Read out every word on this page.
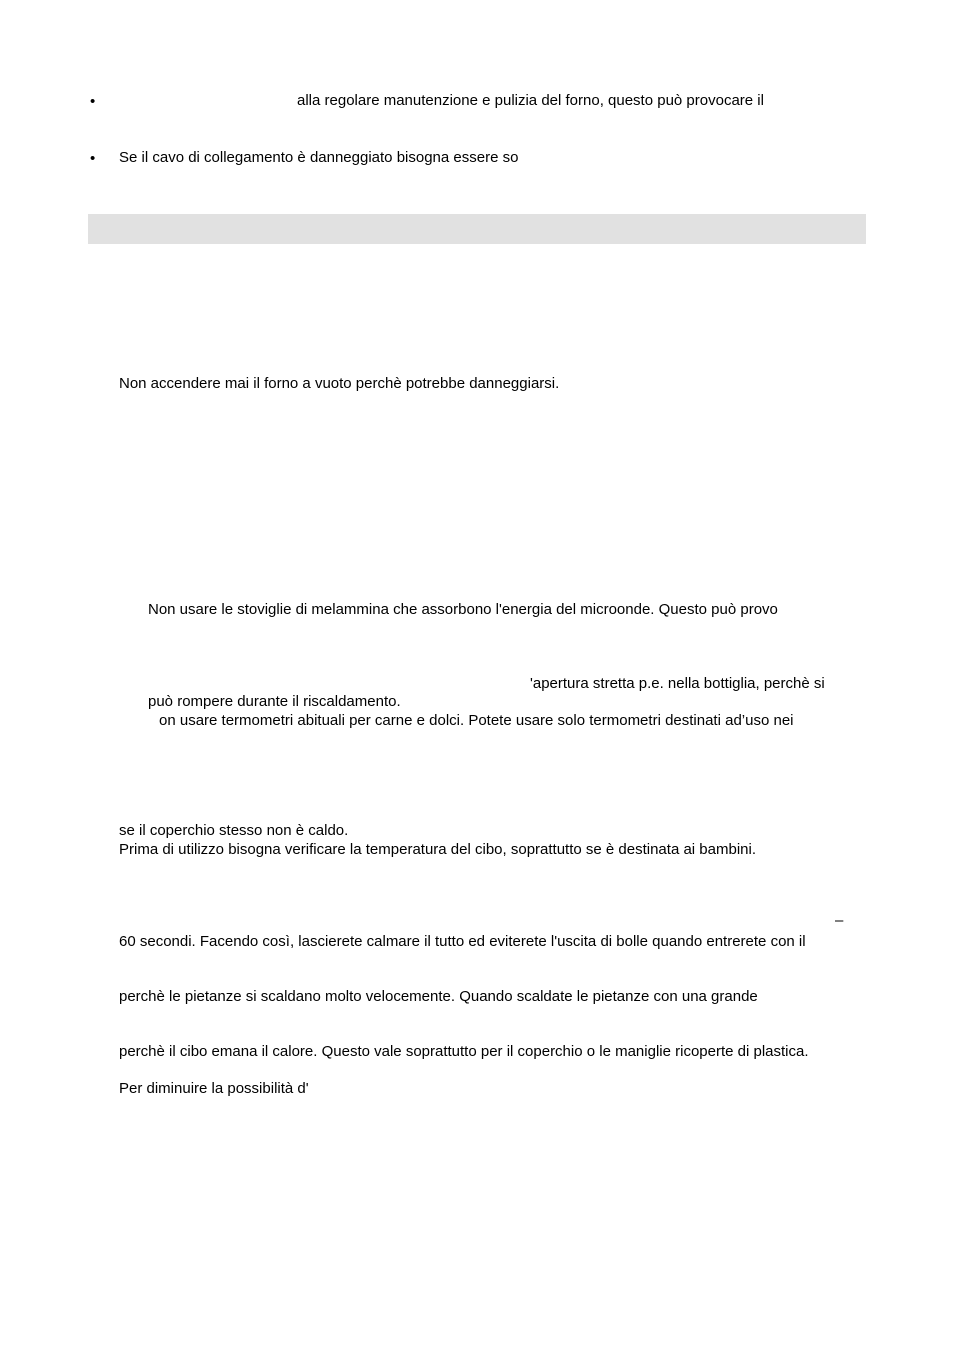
•	alla regolare manutenzione e pulizia del forno, questo può provocare il

• Se il cavo di collegamento è danneggiato bisogna essere so

Non accendere mai il forno a vuoto perchè potrebbe danneggiarsi.

Non usare le stoviglie di melammina che assorbono l'energia del microonde. Questo può provo

'apertura stretta p.e. nella bottiglia, perchè si

può rompere durante il riscaldamento.

on usare termometri abituali per carne e dolci. Potete usare solo termometri destinati ad’uso nei

se il coperchio stesso non è caldo.

Prima di utilizzo bisogna verificare la temperatura del cibo, soprattutto se è destinata ai bambini.

–

60 secondi. Facendo così, lascierete calmare il tutto ed eviterete l'uscita di bolle quando entrerete con il

perchè le pietanze si scaldano molto velocemente. Quando scaldate le pietanze con una grande

perchè il cibo emana il calore. Questo vale soprattutto per il coperchio o le maniglie ricoperte di plastica.

Per diminuire la possibilità d'
